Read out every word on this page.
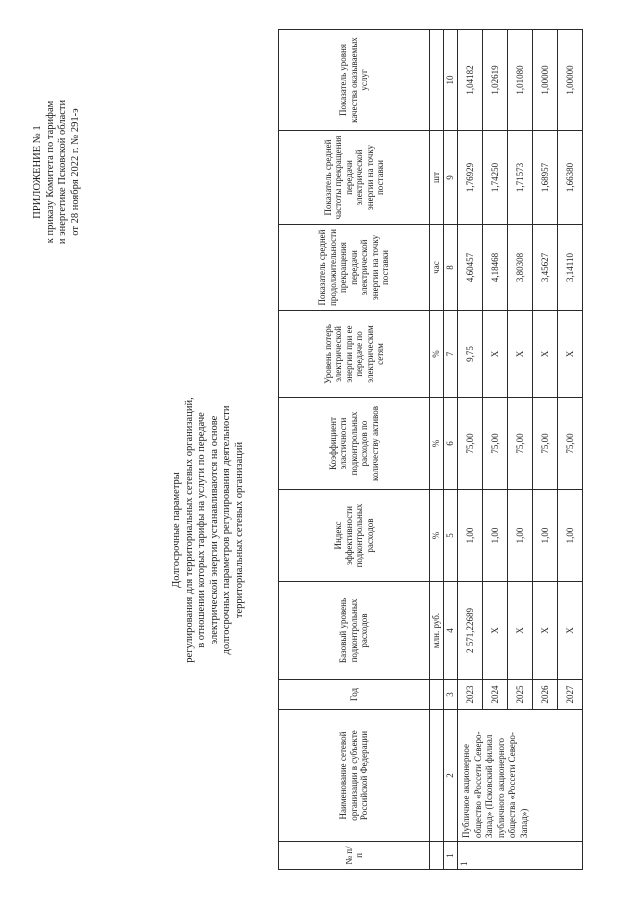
ПРИЛОЖЕНИЕ № 1 к приказу Комитета по тарифам и энергетике Псковской области от 28 ноября 2022 г. № 291-э
Долгосрочные параметры регулирования для территориальных сетевых организаций, в отношении которых тарифы на услуги по передаче электрической энергии устанавливаются на основе долгосрочных параметров регулирования деятельности территориальных сетевых организаций
№ п/п	Наименование сетевой организации в субъекте Российской Федерации	Год	Базовый уровень подконтрольных расходов	Индекс эффективности подконтрольных расходов	Коэффициент эластичности подконтрольных расходов по количеству активов	Уровень потерь электрической энергии при ее передаче по электрическим сетям	Показатель средней продолжительности прекращения передачи электрической энергии на точку поставки	Показатель средней частоты прекращения передачи электрической энергии на точку поставки	Показатель уровня качества оказываемых услуг
			млн. руб.	%	%	%	час	шт	
1	2	3	4	5	6	7	8	9	10
1	Публичное акционерное общество «Россети Северо-Запад» (Псковский филиал публичного акционерного общества «Россети Северо-Запад»)	2023	2 571,22689	1,00	75,00	9,75	4,60457	1,76929	1,04182
		2024	Х	1,00	75,00	Х	4,18468	1,74250	1,02619
		2025	Х	1,00	75,00	Х	3,80308	1,71573	1,01080
		2026	Х	1,00	75,00	Х	3,45627	1,68957	1,00000
		2027	Х	1,00	75,00	Х	3,14110	1,66380	1,00000
